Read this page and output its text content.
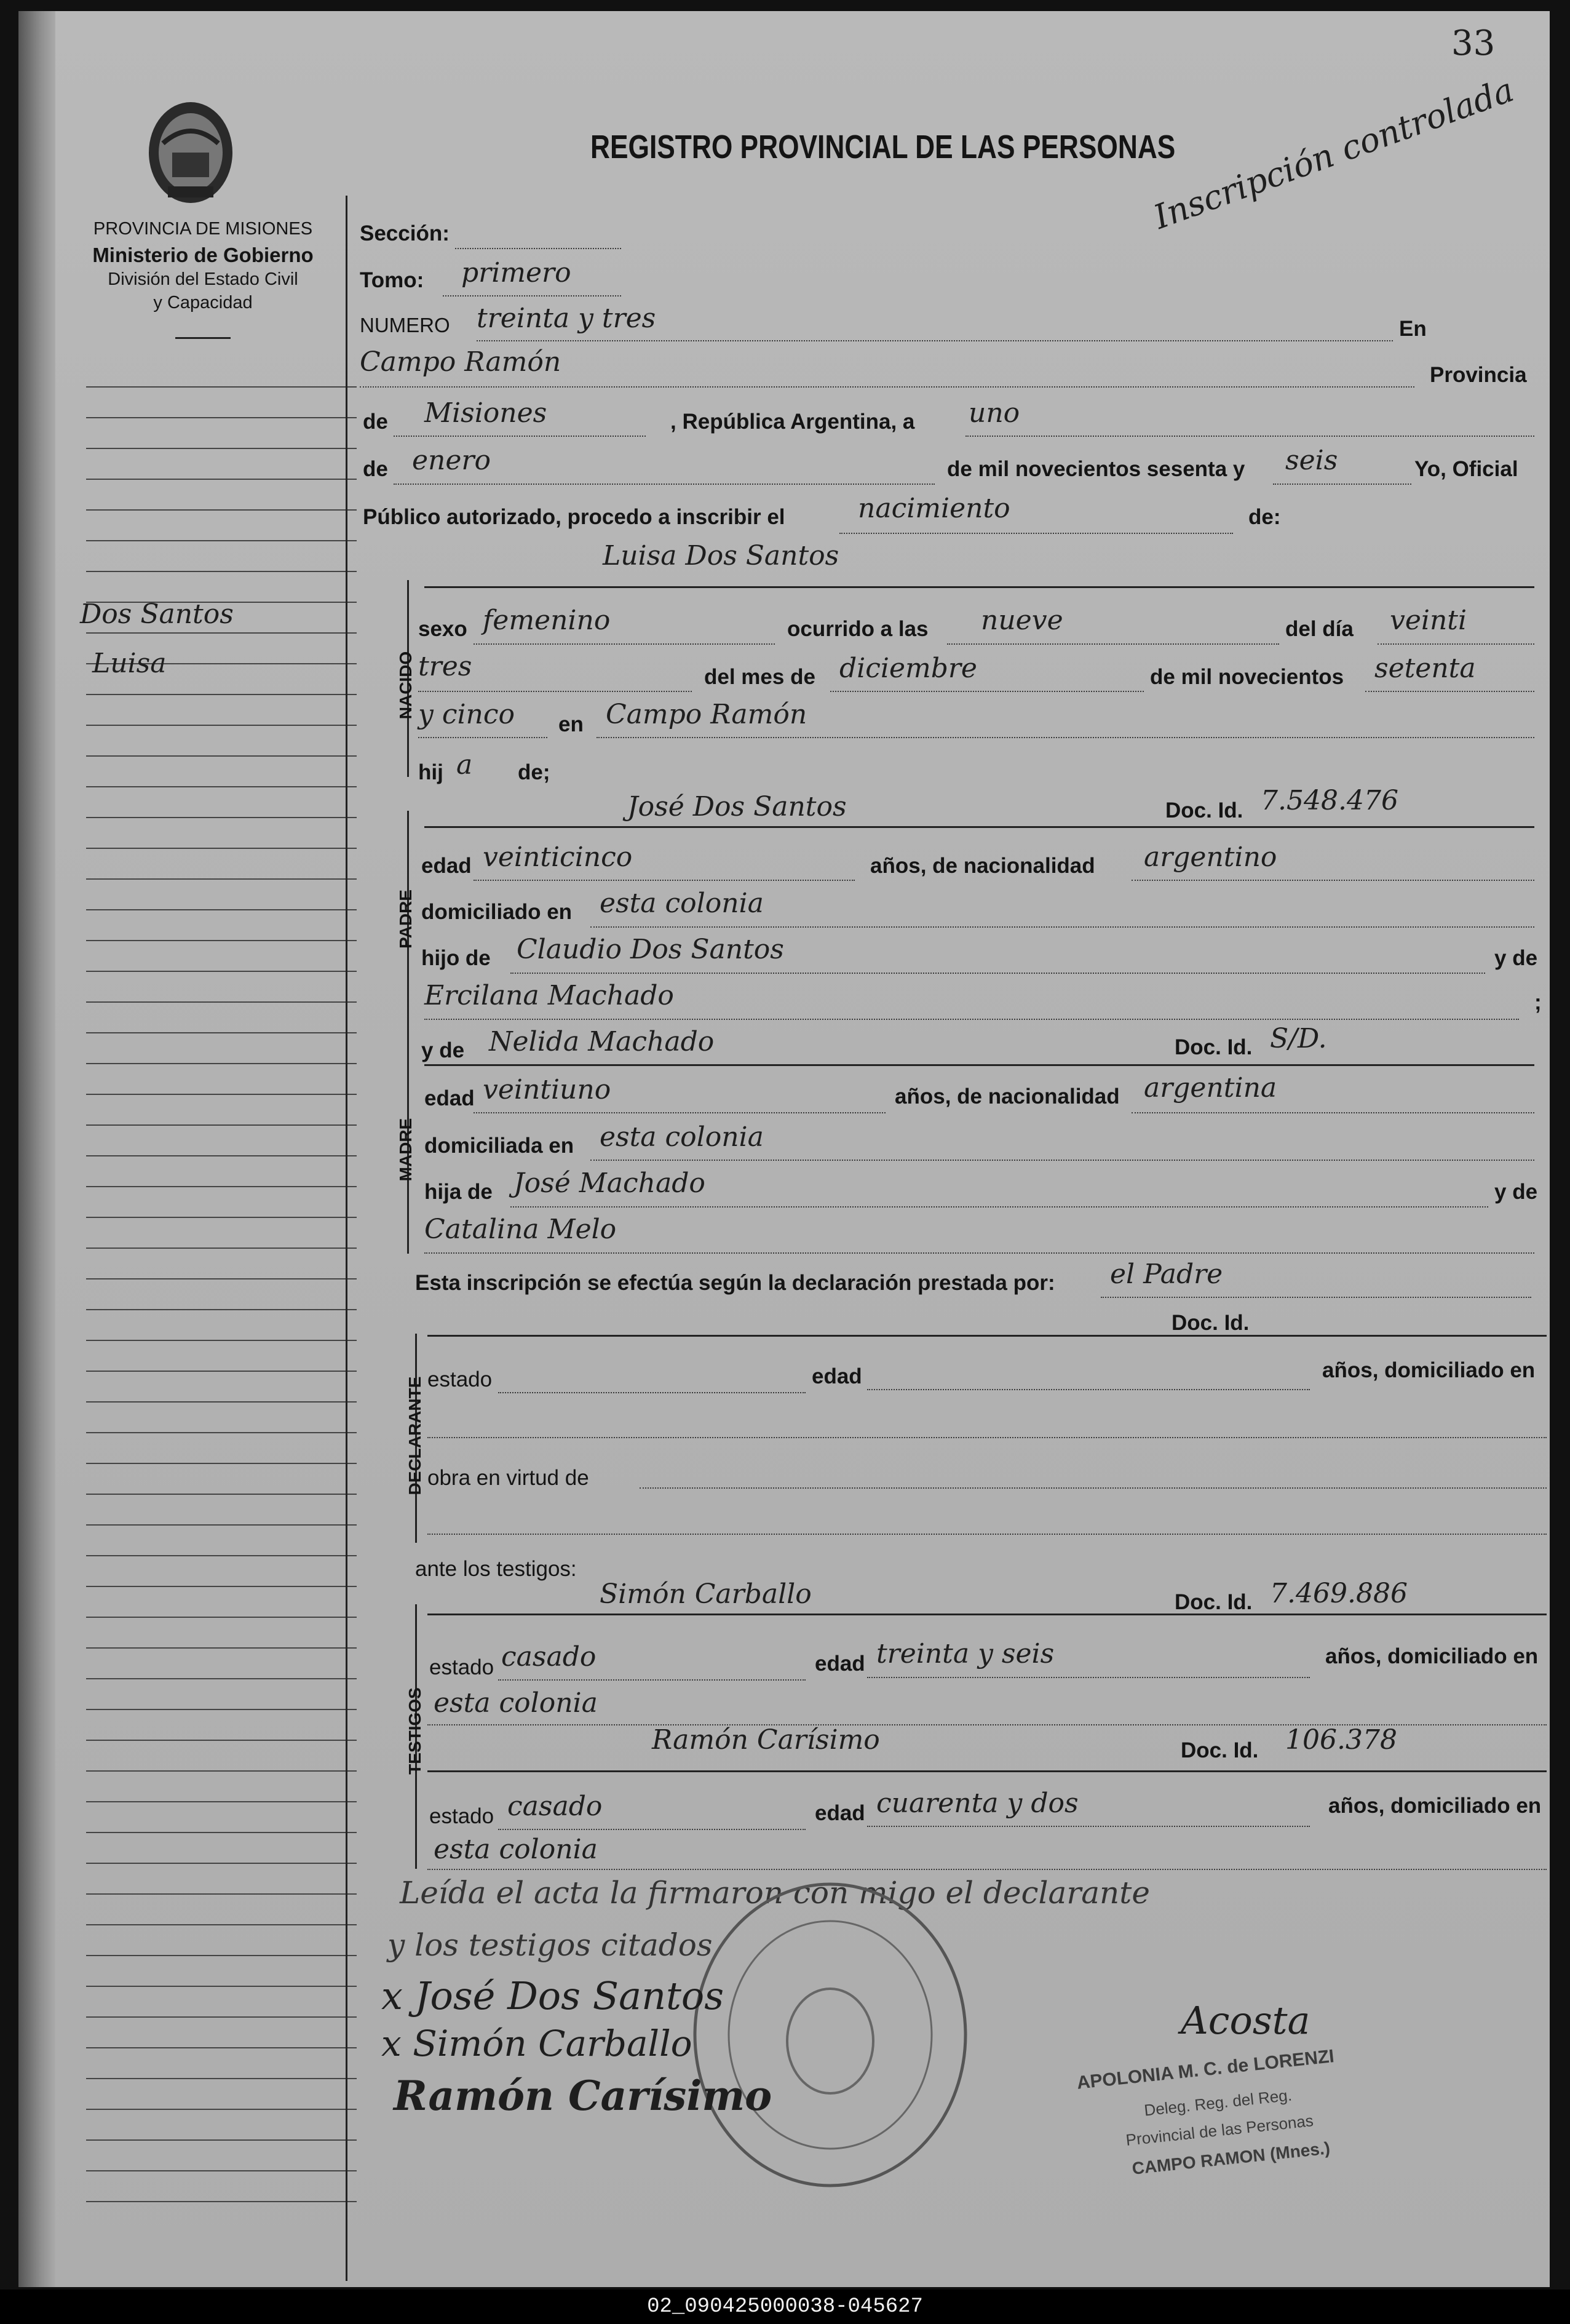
33
PROVINCIA DE MISIONES
Ministerio de Gobierno
División del Estado Civil
y Capacidad
Dos Santos
Luisa
REGISTRO PROVINCIAL DE LAS PERSONAS
Inscripción controlada
Sección:
Tomo: primero
NUMERO treinta y tres	En
Campo Ramón	Provincia
de Misiones	, República Argentina, a uno
de enero	de mil novecientos sesenta y seis	Yo, Oficial
Público autorizado, procedo a inscribir el	nacimiento	de:
NACIDO
Luisa Dos Santos
sexo femenino	ocurrido a las nueve	del día veinti
tres	del mes de diciembre	de mil novecientos setenta
y cinco en Campo Ramón
hij a de;
PADRE
José Dos Santos	Doc. Id. 7.548.476
edad veinticinco	años, de nacionalidad argentino
domiciliado en esta colonia
hijo de Claudio Dos Santos	y de
Ercilana Machado	;
MADRE
y de Nelida Machado	Doc. Id. S/D.
edad veintiuno	años, de nacionalidad argentina
domiciliada en esta colonia
hija de José Machado	y de
Catalina Melo
Esta inscripción se efectúa según la declaración prestada por: el Padre
DECLARANTE
Doc. Id.
estado	edad	años, domiciliado en
obra en virtud de
ante los testigos:
TESTIGOS
Simón Carballo	Doc. Id. 7.469.886
estado casado	edad treinta y seis	años, domiciliado en
esta colonia
Ramón Carísimo	Doc. Id. 106.378
estado casado	edad cuarenta y dos	años, domiciliado en
esta colonia
Leída el acta la firmaron con migo el declarante
y los testigos citados
x José Dos Santos
x Simón Carballo
Ramón Carísimo
Acosta
APOLONIA M. C. de LORENZI
Deleg. Reg. del Reg.
Provincial de las Personas
CAMPO RAMON (Mnes.)
02_090425000038-045627
